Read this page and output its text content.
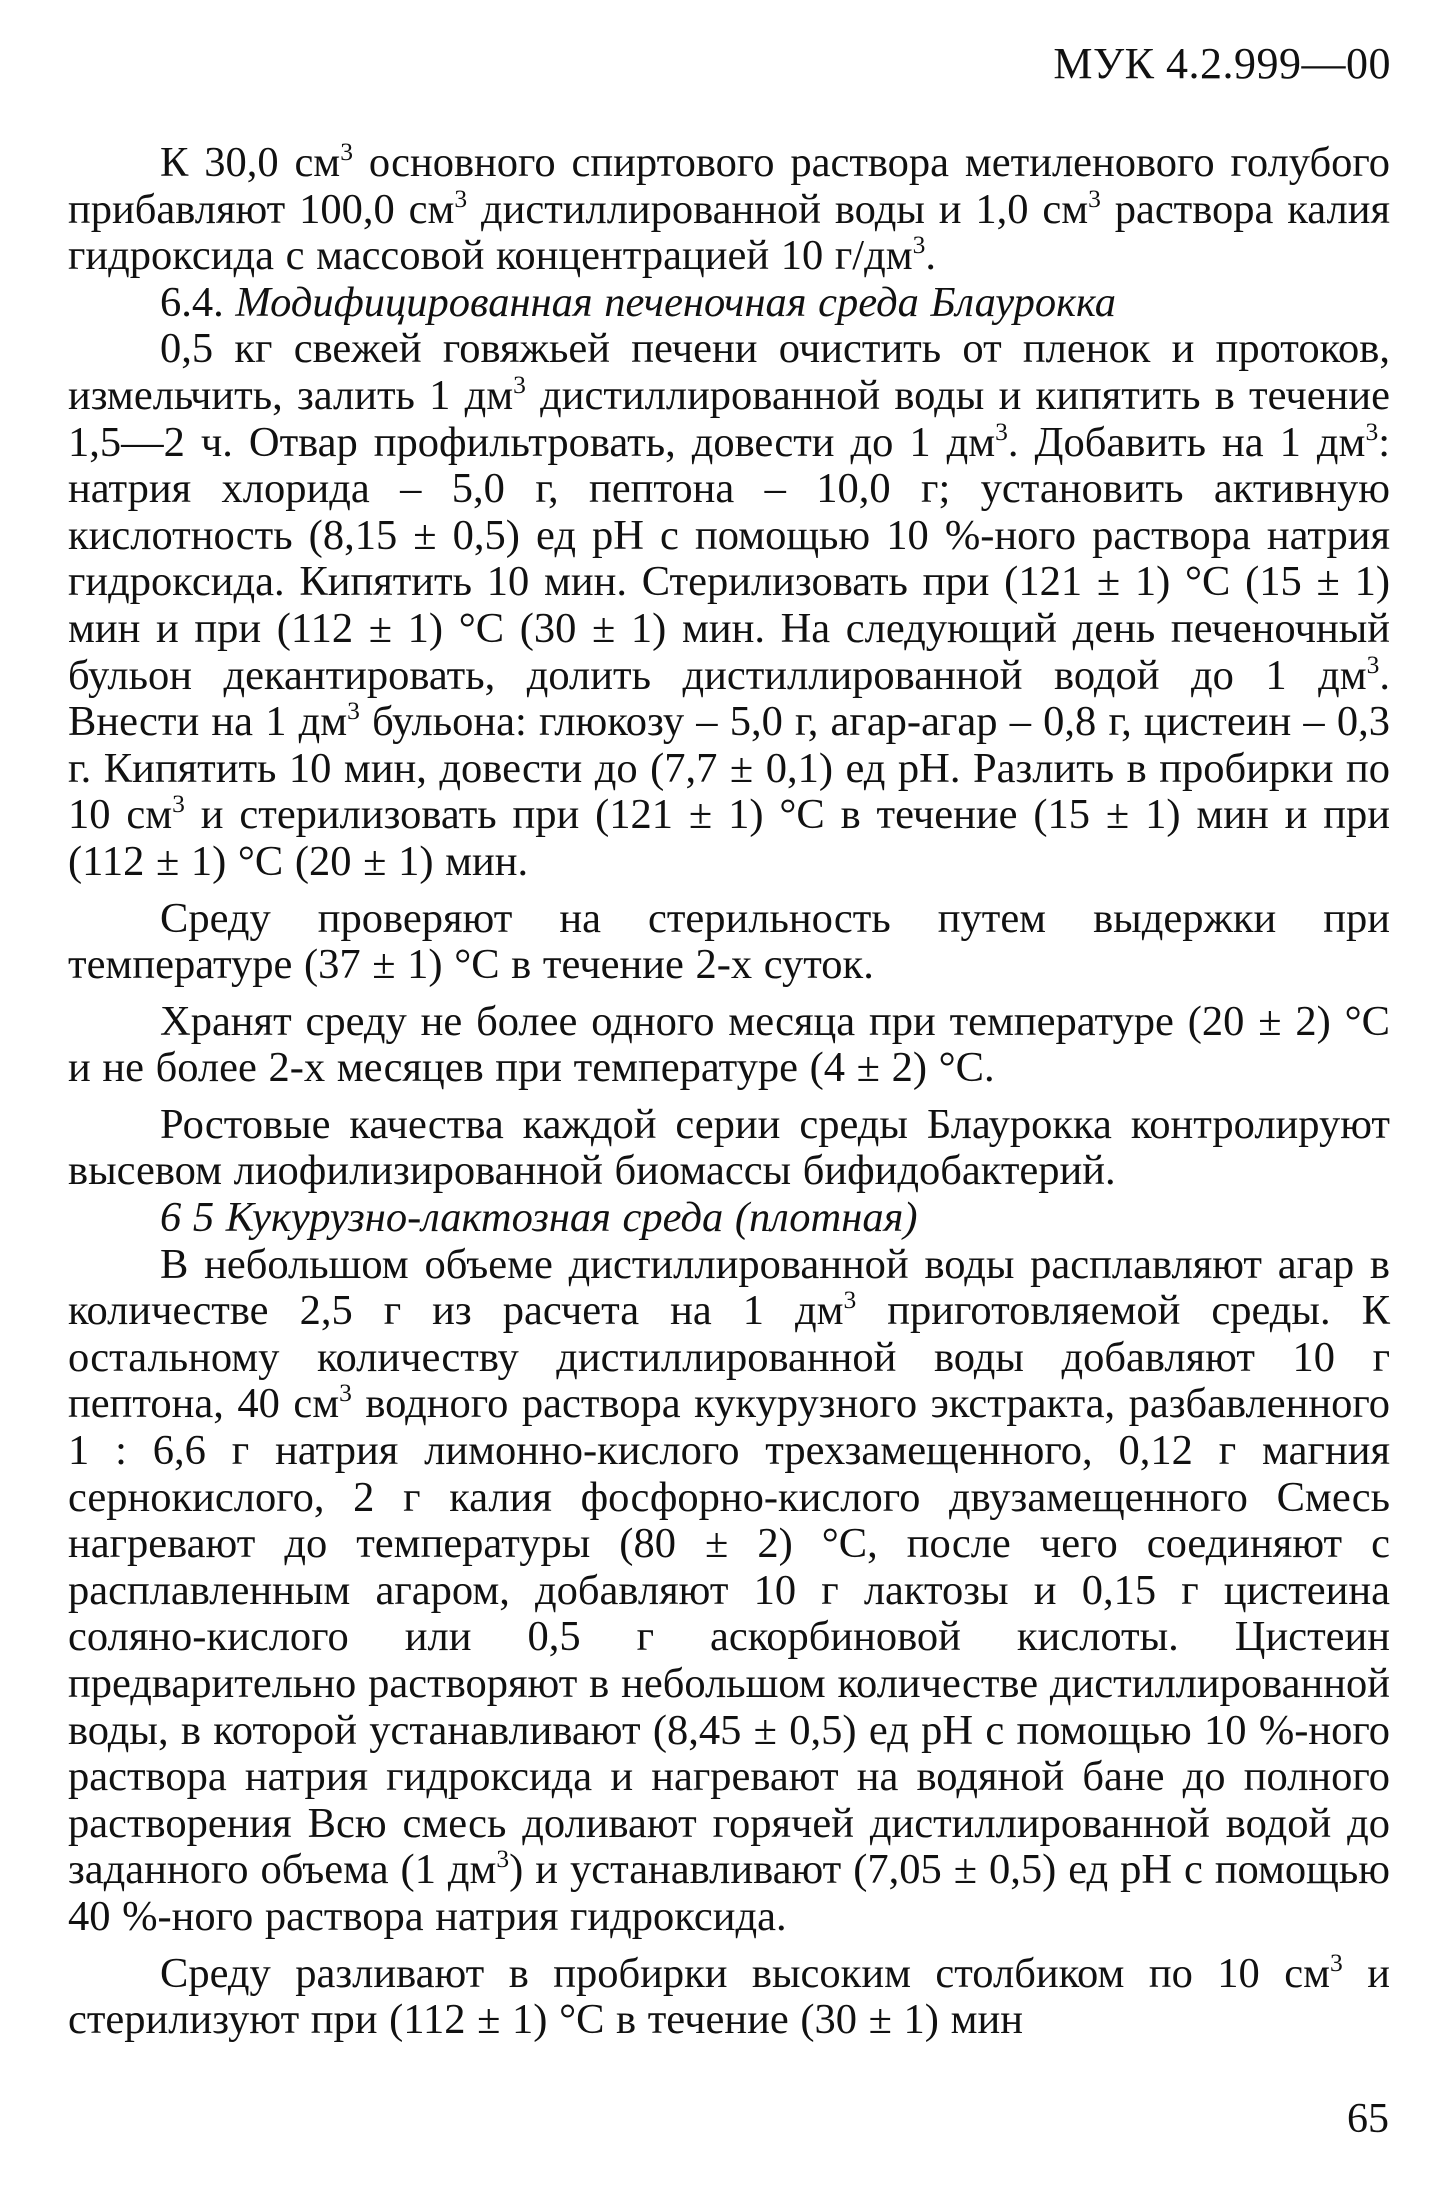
МУК 4.2.999—00

К 30,0 $см^3$ основного спиртового раствора метиленового голубого прибавляют 100,0 $см^3$ дистиллированной воды и 1,0 $см^3$ раствора калия гидроксида с массовой концентрацией 10 $г/дм^3$.

6.4. Модифицированная печеночная среда Блаурокка

0,5 кг свежей говяжьей печени очистить от пленок и протоков, измельчить, залить 1 $дм^3$ дистиллированной воды и кипятить в течение 1,5—2 ч. Отвар профильтровать, довести до 1 $дм^3$. Добавить на 1 $дм^3$: натрия хлорида – 5,0 г, пептона – 10,0 г; установить активную кислотность (8,15 ± 0,5) ед рН с помощью 10 %-ного раствора натрия гидроксида. Кипятить 10 мин. Стерилизовать при (121 ± 1) °С (15 ± 1) мин и при (112 ± 1) °С (30 ± 1) мин. На следующий день печеночный бульон декантировать, долить дистиллированной водой до 1 $дм^3$. Внести на 1 $дм^3$ бульона: глюкозу – 5,0 г, агар-агар – 0,8 г, цистеин – 0,3 г. Кипятить 10 мин, довести до (7,7 ± 0,1) ед рН. Разлить в пробирки по 10 $см^3$ и стерилизовать при (121 ± 1) °С в течение (15 ± 1) мин и при (112 ± 1) °С (20 ± 1) мин.

Среду проверяют на стерильность путем выдержки при температуре (37 ± 1) °С в течение 2-х суток.

Хранят среду не более одного месяца при температуре (20 ± 2) °С и не более 2-х месяцев при температуре (4 ± 2) °С.

Ростовые качества каждой серии среды Блаурокка контролируют высевом лиофилизированной биомассы бифидобактерий.

6 5 Кукурузно-лактозная среда (плотная)

В небольшом объеме дистиллированной воды расплавляют агар в количестве 2,5 г из расчета на 1 $дм^3$ приготовляемой среды. К остальному количеству дистиллированной воды добавляют 10 г пептона, 40 $см^3$ водного раствора кукурузного экстракта, разбавленного 1 : 6,6 г натрия лимонно-кислого трехзамещенного, 0,12 г магния сернокислого, 2 г калия фосфорно-кислого двузамещенного Смесь нагревают до температуры (80 ± 2) °С, после чего соединяют с расплавленным агаром, добавляют 10 г лактозы и 0,15 г цистеина соляно-кислого или 0,5 г аскорбиновой кислоты. Цистеин предварительно растворяют в небольшом количестве дистиллированной воды, в которой устанавливают (8,45 ± 0,5) ед рН с помощью 10 %-ного раствора натрия гидроксида и нагревают на водяной бане до полного растворения Всю смесь доливают горячей дистиллированной водой до заданного объема (1 $дм^3$) и устанавливают (7,05 ± 0,5) ед рН с помощью 40 %-ного раствора натрия гидроксида.

Среду разливают в пробирки высоким столбиком по 10 $см^3$ и стерилизуют при (112 ± 1) °С в течение (30 ± 1) мин

65
